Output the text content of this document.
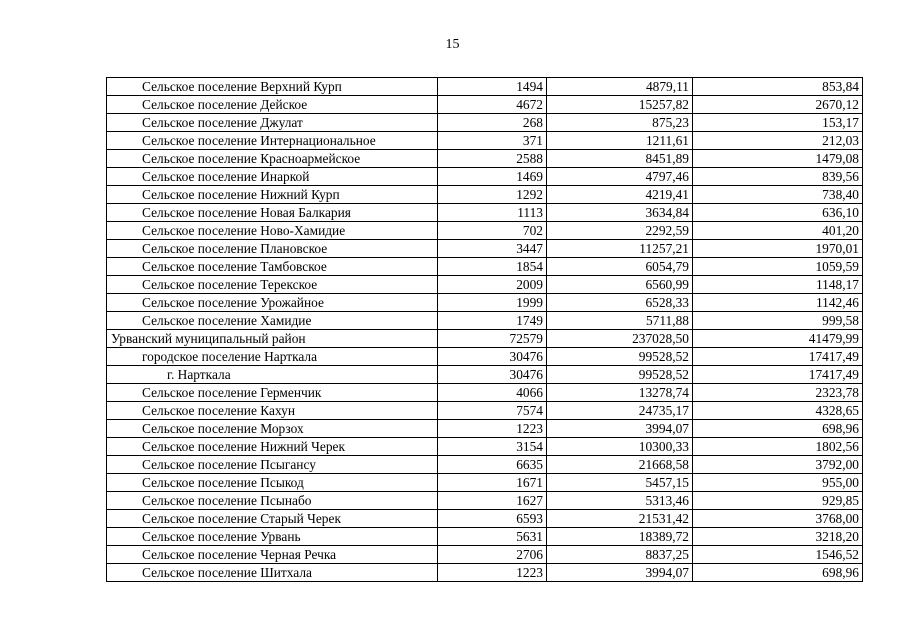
15
Сельское поселение Верхний Курп	1494	4879,11	853,84
Сельское поселение Дейское	4672	15257,82	2670,12
Сельское поселение Джулат	268	875,23	153,17
Сельское поселение Интернациональное	371	1211,61	212,03
Сельское поселение Красноармейское	2588	8451,89	1479,08
Сельское поселение Инаркой	1469	4797,46	839,56
Сельское поселение Нижний Курп	1292	4219,41	738,40
Сельское поселение Новая Балкария	1113	3634,84	636,10
Сельское поселение Ново-Хамидие	702	2292,59	401,20
Сельское поселение Плановское	3447	11257,21	1970,01
Сельское поселение Тамбовское	1854	6054,79	1059,59
Сельское поселение Терекское	2009	6560,99	1148,17
Сельское поселение Урожайное	1999	6528,33	1142,46
Сельское поселение Хамидие	1749	5711,88	999,58
Урванский муниципальный район	72579	237028,50	41479,99
городское поселение Нарткала	30476	99528,52	17417,49
г. Нарткала	30476	99528,52	17417,49
Сельское поселение Герменчик	4066	13278,74	2323,78
Сельское поселение Кахун	7574	24735,17	4328,65
Сельское поселение Морзох	1223	3994,07	698,96
Сельское поселение Нижний Черек	3154	10300,33	1802,56
Сельское поселение Псыгансу	6635	21668,58	3792,00
Сельское поселение Псыкод	1671	5457,15	955,00
Сельское поселение Псынабо	1627	5313,46	929,85
Сельское поселение Старый Черек	6593	21531,42	3768,00
Сельское поселение Урвань	5631	18389,72	3218,20
Сельское поселение Черная Речка	2706	8837,25	1546,52
Сельское поселение Шитхала	1223	3994,07	698,96
